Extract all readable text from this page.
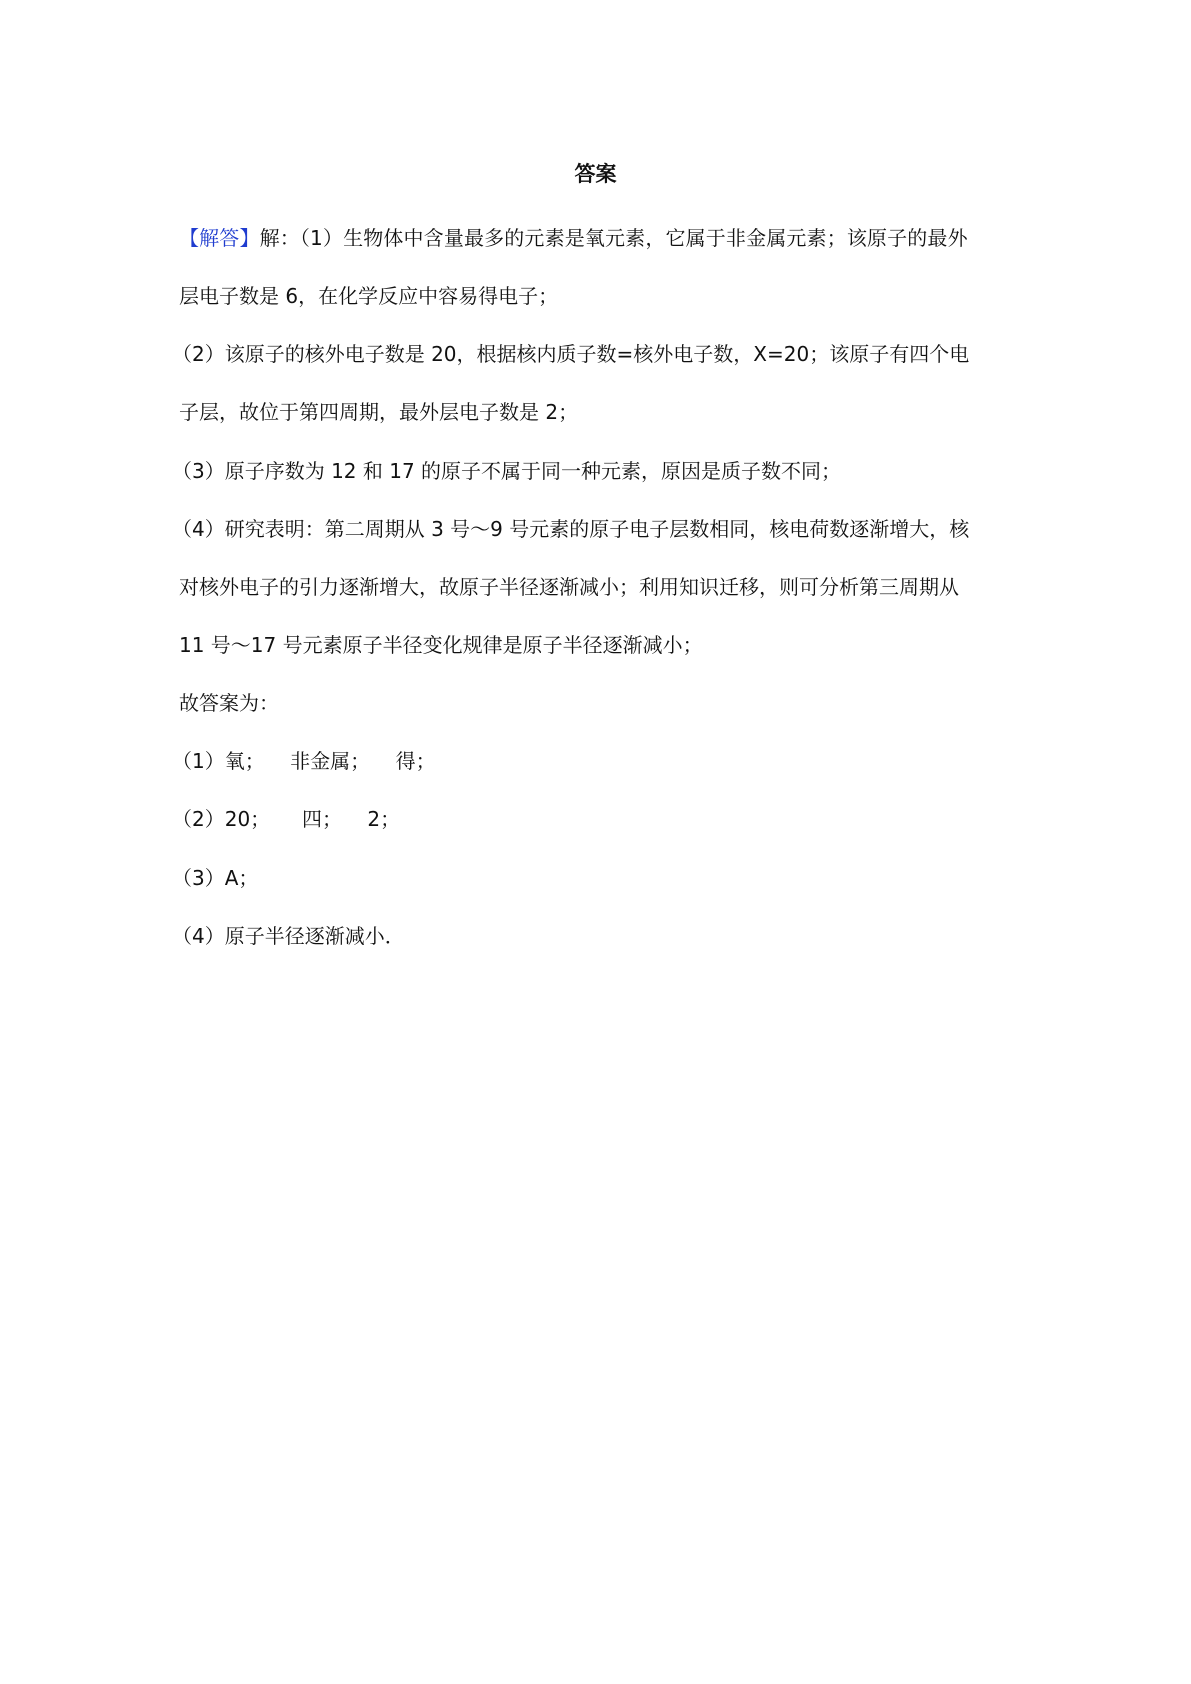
答案

【解答】解：（1）生物体中含量最多的元素是氧元素，它属于非金属元素；该原子的最外

层电子数是 6，在化学反应中容易得电子；

（2）该原子的核外电子数是 20，根据核内质子数=核外电子数，X=20；该原子有四个电

子层，故位于第四周期，最外层电子数是 2；

（3）原子序数为 12 和 17 的原子不属于同一种元素，原因是质子数不同；

（4）研究表明：第二周期从 3 号～9 号元素的原子电子层数相同，核电荷数逐渐增大，核

对核外电子的引力逐渐增大，故原子半径逐渐减小；利用知识迁移，则可分析第三周期从

11 号～17 号元素原子半径变化规律是原子半径逐渐减小；

故答案为：

（1）氧；    非金属；    得；

（2）20；     四；    2；

（3）A；

（4）原子半径逐渐减小．
